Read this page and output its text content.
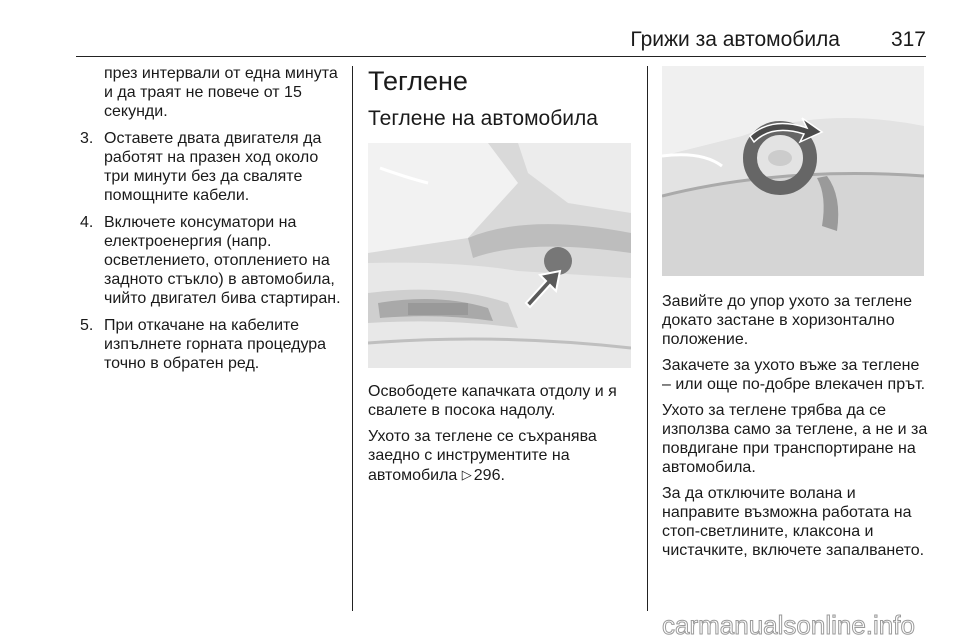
Грижи за автомобила 317
през интервали от една минута и да траят не повече от 15 секунди.
3. Оставете двата двигателя да работят на празен ход около три минути без да сваляте помощните кабели.
4. Включете консуматори на електроенергия (напр. осветлението, отоплението на задното стъкло) в автомобила, чийто двигател бива стартиран.
5. При откачане на кабелите изпълнете горната процедура точно в обратен ред.
Теглене
Теглене на автомобила
Освободете капачката отдолу и я свалете в посока надолу.
Ухото за теглене се съхранява заедно с инструментите на автомобила ▷ 296.
Завийте до упор ухото за теглене докато застане в хоризонтално положение.
Закачете за ухото въже за теглене – или още по-добре влекачен прът.
Ухото за теглене трябва да се използва само за теглене, а не и за повдигане при транспортиране на автомобила.
За да отключите волана и направите възможна работата на стоп-светлините, клаксона и чистачките, включете запалването.
carmanualsonline.info
